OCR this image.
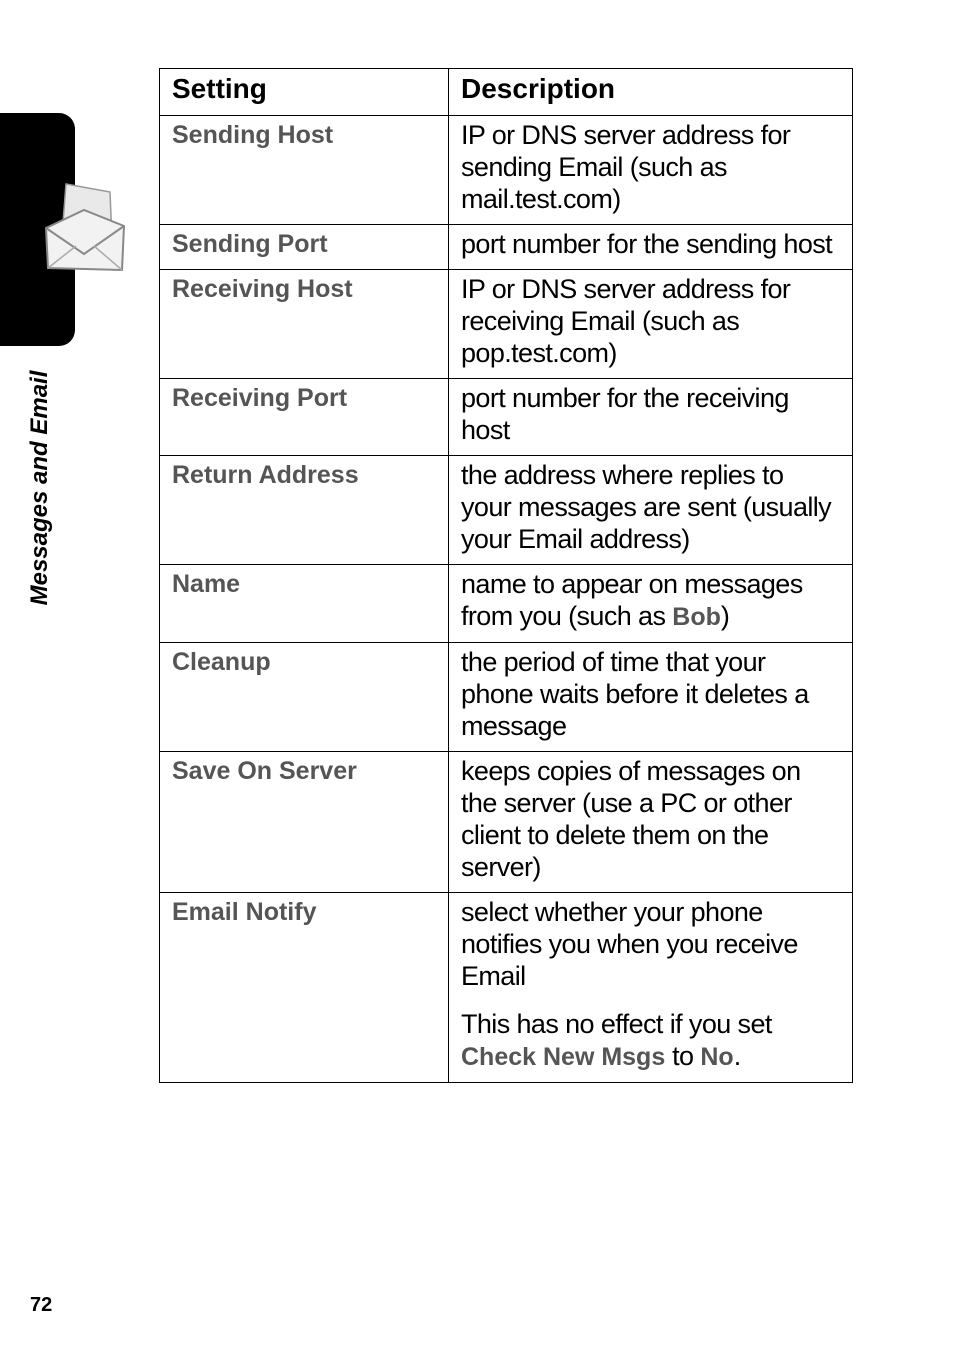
Messages and Email
Setting	Description
Sending Host	IP or DNS server address for sending Email (such as mail.test.com)
Sending Port	port number for the sending host
Receiving Host	IP or DNS server address for receiving Email (such as pop.test.com)
Receiving Port	port number for the receiving host
Return Address	the address where replies to your messages are sent (usually your Email address)
Name	name to appear on messages from you (such as Bob)
Cleanup	the period of time that your phone waits before it deletes a message
Save On Server	keeps copies of messages on the server (use a PC or other client to delete them on the server)
Email Notify	select whether your phone notifies you when you receive Email
This has no effect if you set Check New Msgs to No.
72
